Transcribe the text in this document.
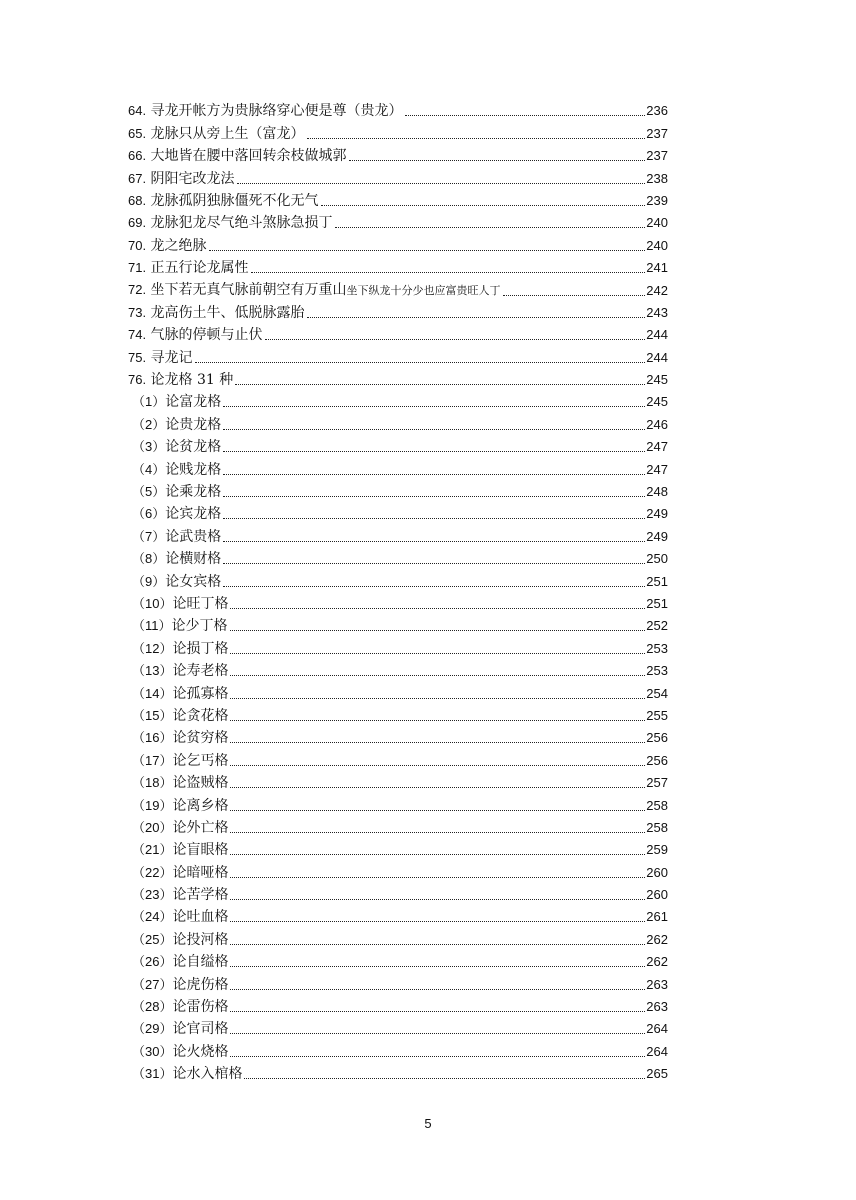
64. 寻龙开帐方为贵脉络穿心便是尊（贵龙）	236
65. 龙脉只从旁上生（富龙）	237
66. 大地皆在腰中落回转余枝做城郭	237
67. 阴阳宅改龙法	238
68. 龙脉孤阴独脉僵死不化无气	239
69. 龙脉犯龙尽气绝斗煞脉急损丁	240
70. 龙之绝脉	240
71. 正五行论龙属性	241
72. 坐下若无真气脉前朝空有万重山坐下纵龙十分少也应富贵旺人丁	242
73. 龙高伤土牛、低脱脉露胎	243
74. 气脉的停顿与止伏	244
75. 寻龙记	244
76. 论龙格 31 种	245
（1）论富龙格	245
（2）论贵龙格	246
（3）论贫龙格	247
（4）论贱龙格	247
（5）论乘龙格	248
（6）论宾龙格	249
（7）论武贵格	249
（8）论横财格	250
（9）论女宾格	251
（10）论旺丁格	251
（11）论少丁格	252
（12）论损丁格	253
（13）论寿老格	253
（14）论孤寡格	254
（15）论贪花格	255
（16）论贫穷格	256
（17）论乞丐格	256
（18）论盗贼格	257
（19）论离乡格	258
（20）论外亡格	258
（21）论盲眼格	259
（22）论暗哑格	260
（23）论苦学格	260
（24）论吐血格	261
（25）论投河格	262
（26）论自缢格	262
（27）论虎伤格	263
（28）论雷伤格	263
（29）论官司格	264
（30）论火烧格	264
（31）论水入棺格	265
5
